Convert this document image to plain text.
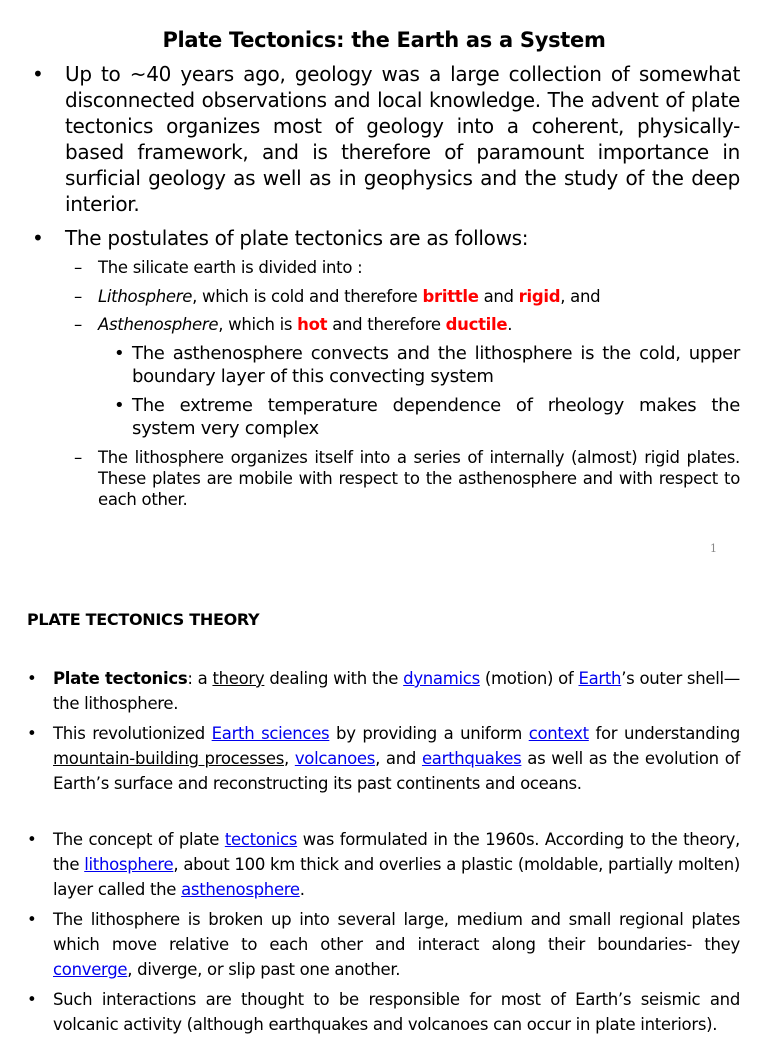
Plate Tectonics: the Earth as a System
• Up to ~40 years ago, geology was a large collection of somewhat disconnected observations and local knowledge. The advent of plate tectonics organizes most of geology into a coherent, physically-based framework, and is therefore of paramount importance in surficial geology as well as in geophysics and the study of the deep interior.
• The postulates of plate tectonics are as follows:
– The silicate earth is divided into :
– Lithosphere, which is cold and therefore brittle and rigid, and
– Asthenosphere, which is hot and therefore ductile.
• The asthenosphere convects and the lithosphere is the cold, upper boundary layer of this convecting system
• The extreme temperature dependence of rheology makes the system very complex
– The lithosphere organizes itself into a series of internally (almost) rigid plates. These plates are mobile with respect to the asthenosphere and with respect to each other.
1
PLATE TECTONICS THEORY
• Plate tectonics: a theory dealing with the dynamics (motion) of Earth’s outer shell—the lithosphere.
• This revolutionized Earth sciences by providing a uniform context for understanding mountain-building processes, volcanoes, and earthquakes as well as the evolution of Earth’s surface and reconstructing its past continents and oceans.
• The concept of plate tectonics was formulated in the 1960s. According to the theory, the lithosphere, about 100 km thick and overlies a plastic (moldable, partially molten) layer called the asthenosphere.
• The lithosphere is broken up into several large, medium and small regional plates which move relative to each other and interact along their boundaries- they converge, diverge, or slip past one another.
• Such interactions are thought to be responsible for most of Earth’s seismic and volcanic activity (although earthquakes and volcanoes can occur in plate interiors).
